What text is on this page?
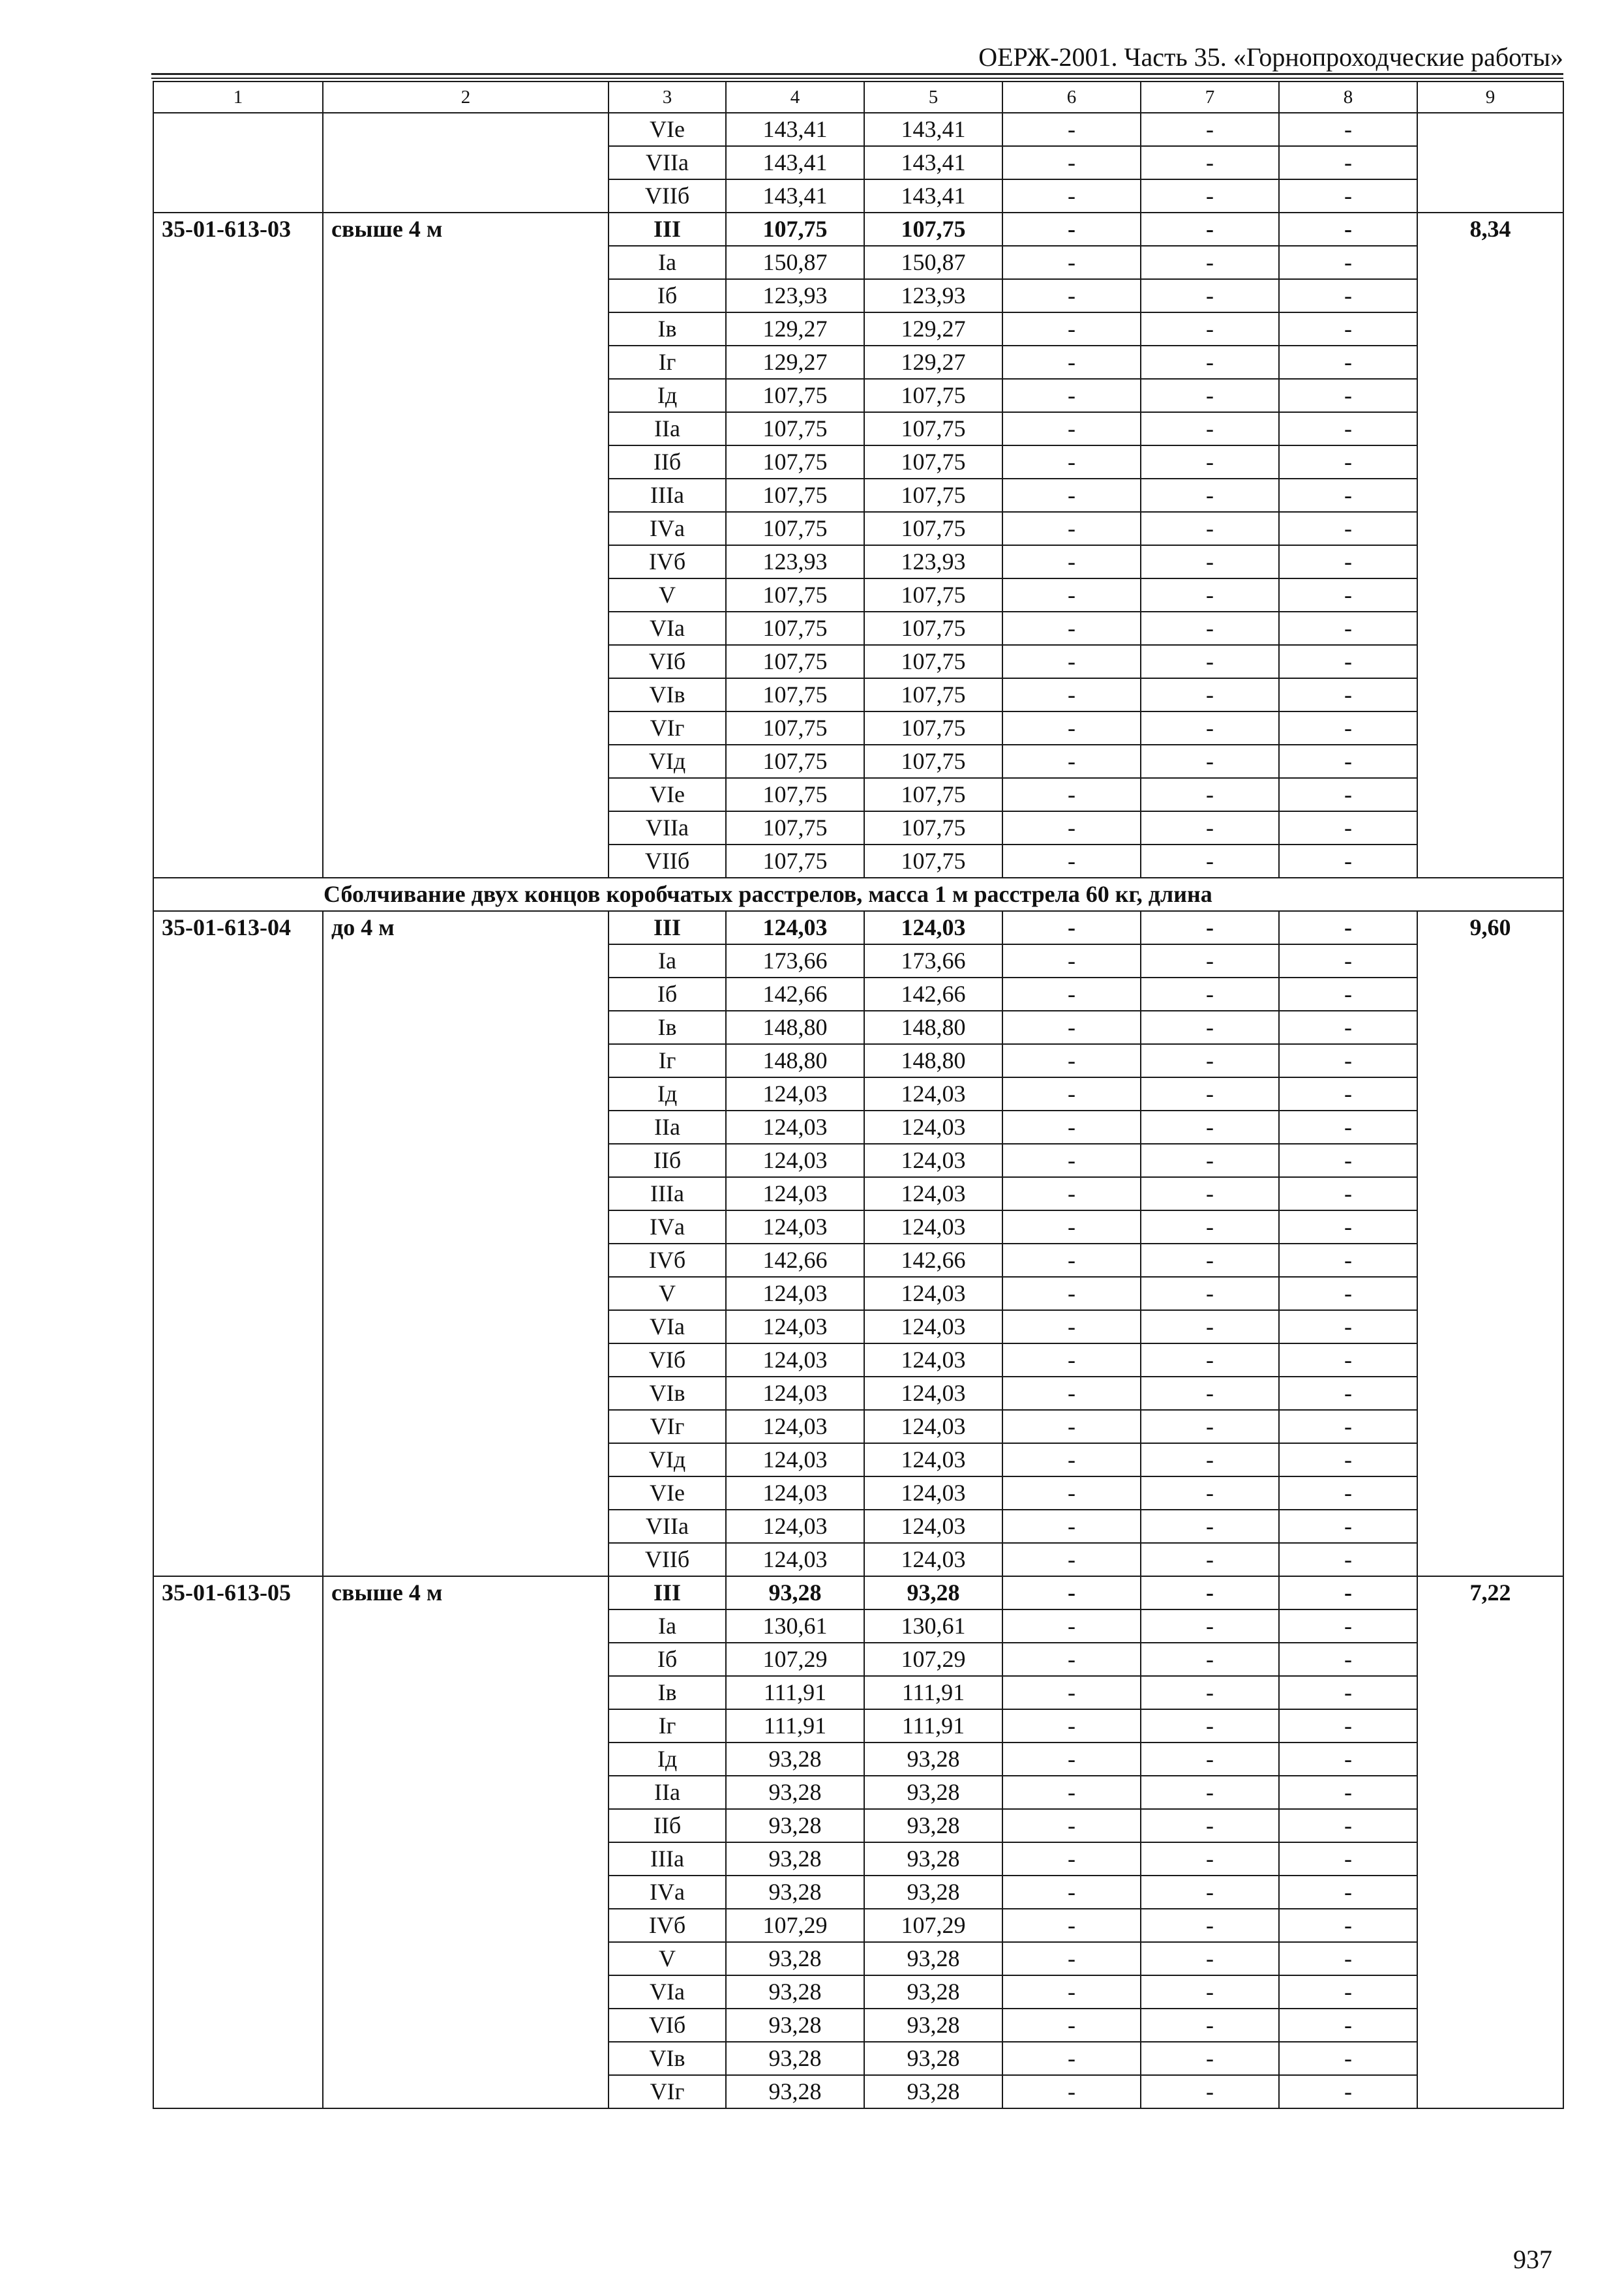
ОЕРЖ-2001. Часть 35. «Горнопроходческие работы»
1	2	3	4	5	6	7	8	9
		VIе	143,41	143,41	-	-	-	
		VIIа	143,41	143,41	-	-	-	
		VIIб	143,41	143,41	-	-	-	
35-01-613-03	свыше 4 м	III	107,75	107,75	-	-	-	8,34
		Iа	150,87	150,87	-	-	-	
		Iб	123,93	123,93	-	-	-	
		Iв	129,27	129,27	-	-	-	
		Iг	129,27	129,27	-	-	-	
		Iд	107,75	107,75	-	-	-	
		IIа	107,75	107,75	-	-	-	
		IIб	107,75	107,75	-	-	-	
		IIIа	107,75	107,75	-	-	-	
		IVа	107,75	107,75	-	-	-	
		IVб	123,93	123,93	-	-	-	
		V	107,75	107,75	-	-	-	
		VIа	107,75	107,75	-	-	-	
		VIб	107,75	107,75	-	-	-	
		VIв	107,75	107,75	-	-	-	
		VIг	107,75	107,75	-	-	-	
		VIд	107,75	107,75	-	-	-	
		VIе	107,75	107,75	-	-	-	
		VIIа	107,75	107,75	-	-	-	
		VIIб	107,75	107,75	-	-	-	
Сболчивание двух концов коробчатых расстрелов, масса 1 м расстрела 60 кг, длина								
35-01-613-04	до 4 м	III	124,03	124,03	-	-	-	9,60
		Iа	173,66	173,66	-	-	-	
		Iб	142,66	142,66	-	-	-	
		Iв	148,80	148,80	-	-	-	
		Iг	148,80	148,80	-	-	-	
		Iд	124,03	124,03	-	-	-	
		IIа	124,03	124,03	-	-	-	
		IIб	124,03	124,03	-	-	-	
		IIIа	124,03	124,03	-	-	-	
		IVа	124,03	124,03	-	-	-	
		IVб	142,66	142,66	-	-	-	
		V	124,03	124,03	-	-	-	
		VIа	124,03	124,03	-	-	-	
		VIб	124,03	124,03	-	-	-	
		VIв	124,03	124,03	-	-	-	
		VIг	124,03	124,03	-	-	-	
		VIд	124,03	124,03	-	-	-	
		VIе	124,03	124,03	-	-	-	
		VIIа	124,03	124,03	-	-	-	
		VIIб	124,03	124,03	-	-	-	
35-01-613-05	свыше 4 м	III	93,28	93,28	-	-	-	7,22
		Iа	130,61	130,61	-	-	-	
		Iб	107,29	107,29	-	-	-	
		Iв	111,91	111,91	-	-	-	
		Iг	111,91	111,91	-	-	-	
		Iд	93,28	93,28	-	-	-	
		IIа	93,28	93,28	-	-	-	
		IIб	93,28	93,28	-	-	-	
		IIIа	93,28	93,28	-	-	-	
		IVа	93,28	93,28	-	-	-	
		IVб	107,29	107,29	-	-	-	
		V	93,28	93,28	-	-	-	
		VIа	93,28	93,28	-	-	-	
		VIб	93,28	93,28	-	-	-	
		VIв	93,28	93,28	-	-	-	
		VIг	93,28	93,28	-	-	-	
937
